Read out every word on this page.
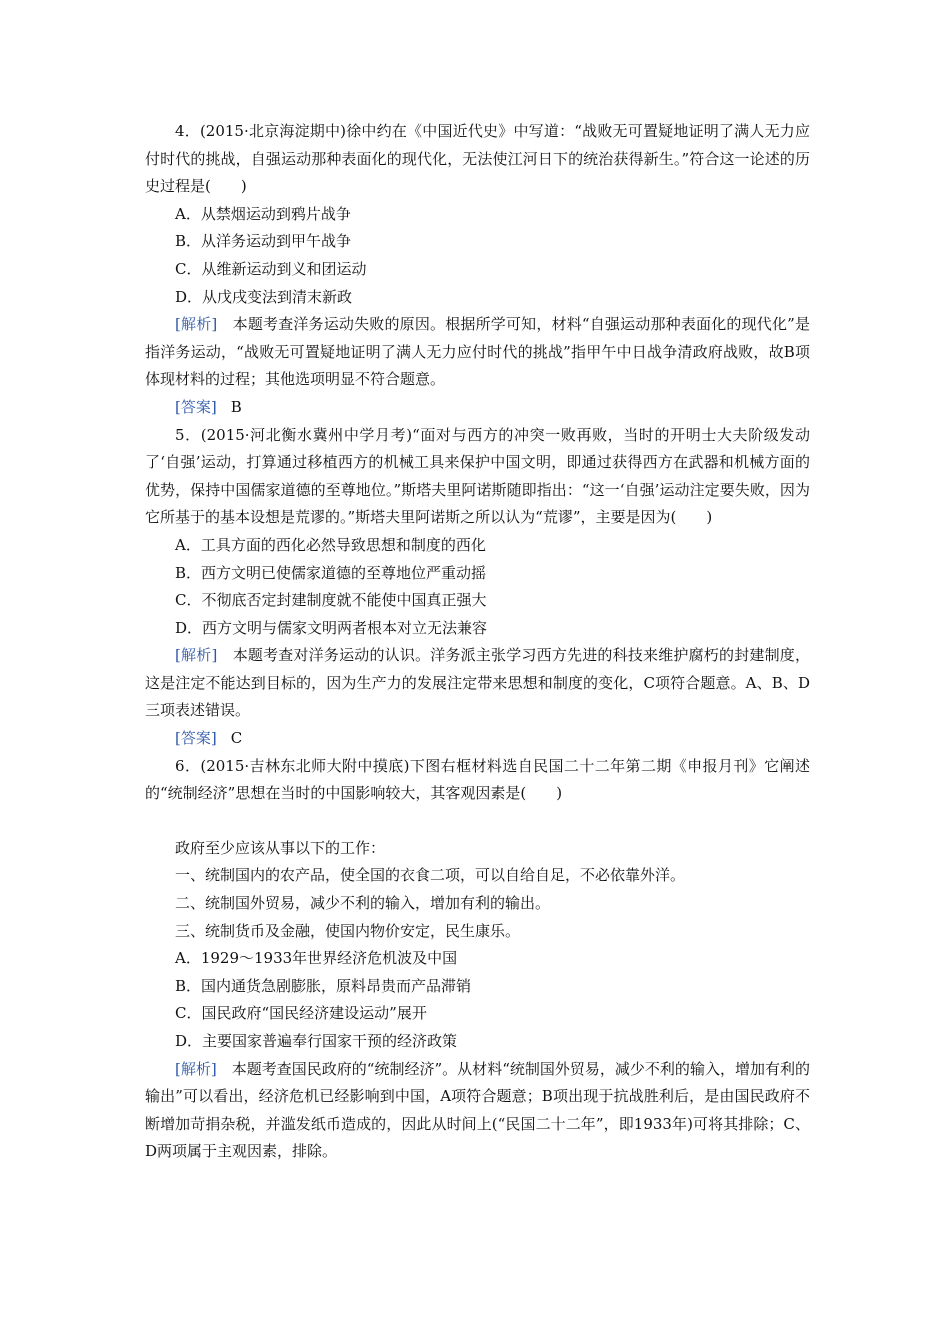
4．(2015·北京海淀期中)徐中约在《中国近代史》中写道：“战败无可置疑地证明了满人无力应付时代的挑战，自强运动那种表面化的现代化，无法使江河日下的统治获得新生。”符合这一论述的历史过程是(　　)

A．从禁烟运动到鸦片战争

B．从洋务运动到甲午战争

C．从维新运动到义和团运动

D．从戊戌变法到清末新政

[解析]　 本题考查洋务运动失败的原因。根据所学可知，材料“自强运动那种表面化的现代化”是指洋务运动，“战败无可置疑地证明了满人无力应付时代的挑战”指甲午中日战争清政府战败，故B项体现材料的过程；其他选项明显不符合题意。

[答案] B

5．(2015·河北衡水冀州中学月考)“面对与西方的冲突一败再败，当时的开明士大夫阶级发动了‘自强’运动，打算通过移植西方的机械工具来保护中国文明，即通过获得西方在武器和机械方面的优势，保持中国儒家道德的至尊地位。”斯塔夫里阿诺斯随即指出：“这一‘自强’运动注定要失败，因为它所基于的基本设想是荒谬的。”斯塔夫里阿诺斯之所以认为“荒谬”，主要是因为(　　)

A．工具方面的西化必然导致思想和制度的西化

B．西方文明已使儒家道德的至尊地位严重动摇

C．不彻底否定封建制度就不能使中国真正强大

D．西方文明与儒家文明两者根本对立无法兼容

[解析]　 本题考查对洋务运动的认识。洋务派主张学习西方先进的科技来维护腐朽的封建制度，这是注定不能达到目标的，因为生产力的发展注定带来思想和制度的变化，C项符合题意。A、B、D三项表述错误。

[答案] C

6．(2015·吉林东北师大附中摸底)下图右框材料选自民国二十二年第二期《申报月刊》它阐述的“统制经济”思想在当时的中国影响较大，其客观因素是(　　)

政府至少应该从事以下的工作：

一、统制国内的农产品，使全国的衣食二项，可以自给自足，不必依靠外洋。

二、统制国外贸易，减少不利的输入，增加有利的输出。

三、统制货币及金融，使国内物价安定，民生康乐。

A．1929～1933年世界经济危机波及中国

B．国内通货急剧膨胀，原料昂贵而产品滞销

C．国民政府“国民经济建设运动”展开

D．主要国家普遍奉行国家干预的经济政策

[解析]　 本题考查国民政府的“统制经济”。从材料“统制国外贸易，减少不利的输入，增加有利的输出”可以看出，经济危机已经影响到中国，A项符合题意；B项出现于抗战胜利后，是由国民政府不断增加苛捐杂税，并滥发纸币造成的，因此从时间上(“民国二十二年”，即1933年)可将其排除；C、D两项属于主观因素，排除。
